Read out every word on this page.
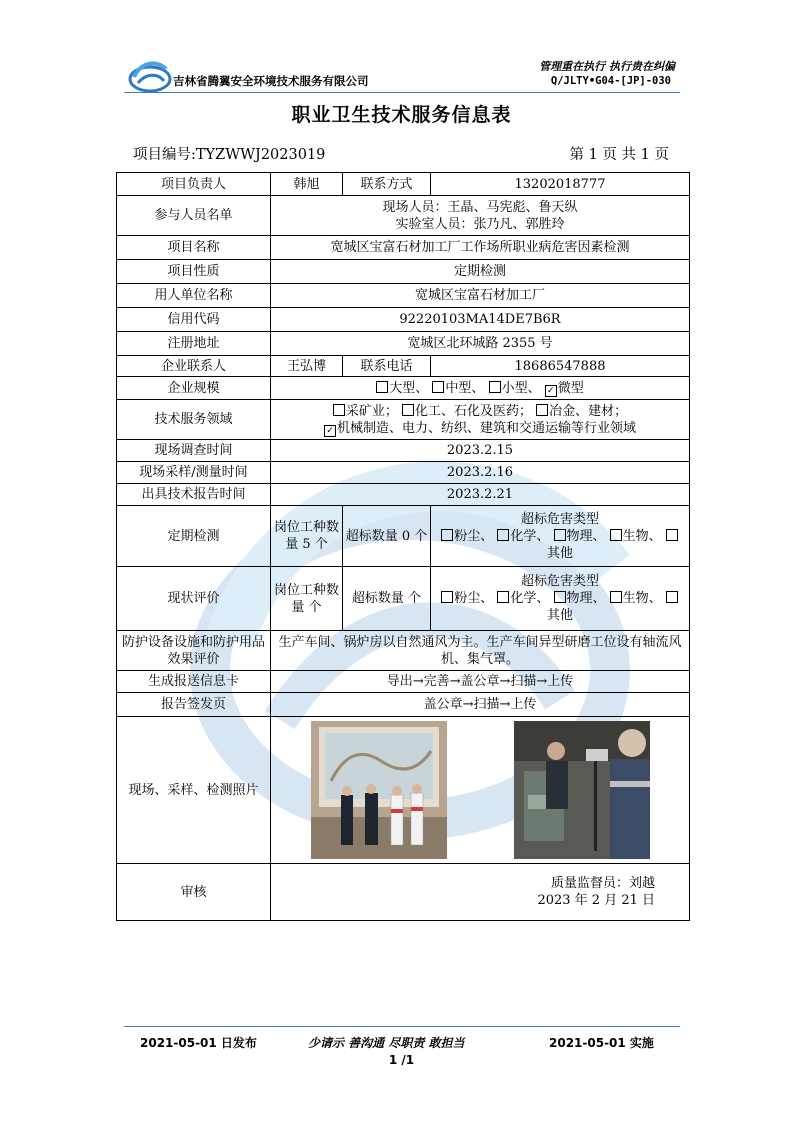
吉林省腾翼安全环境技术服务有限公司
管理重在执行 执行贵在纠偏
Q/JLTY•G04-[JP]-030
职业卫生技术服务信息表
项目编号:TYZWWJ2023019	第 1 页 共 1 页
项目负责人	韩旭	联系方式	13202018777
参与人员名单	现场人员：王晶、马宪彪、鲁天纵
实验室人员：张乃凡、郭胜玲		

项目名称	宽城区宝富石材加工厂工作场所职业病危害因素检测		
项目性质	定期检测		
用人单位名称	宽城区宝富石材加工厂		
信用代码	92220103MA14DE7B6R		
注册地址	宽城区北环城路 2355 号		
企业联系人	王弘博	联系电话	18686547888
企业规模	大型、 中型、 小型、 ✓ 微型		
技术服务领域	采矿业； 化工、石化及医药； 冶金、建材；
✓ 机械制造、电力、纺织、建筑和交通运输等行业领域		

现场调查时间	2023.2.15		
现场采样/测量时间	2023.2.16		
出具技术报告时间	2023.2.21		
定期检测	岗位工种数量 5 个	超标数量 0 个	超标危害类型
粉尘、 化学、 物理、 生物、
其他

现状评价	岗位工种数量 个	超标数量 个	超标危害类型
粉尘、 化学、 物理、 生物、
其他

防护设备设施和防护用品效果评价	生产车间、锅炉房以自然通风为主。生产车间异型研磨工位设有轴流风机、集气罩。		
生成报送信息卡	导出→完善→盖公章→扫描→上传		
报告签发页	盖公章→扫描→上传		
现场、采样、检测照片	

审核	质量监督员：刘越
2023 年 2 月 21 日		
2021-05-01 日发布	少请示 善沟通 尽职责 敢担当	2021-05-01 实施
1 /1
